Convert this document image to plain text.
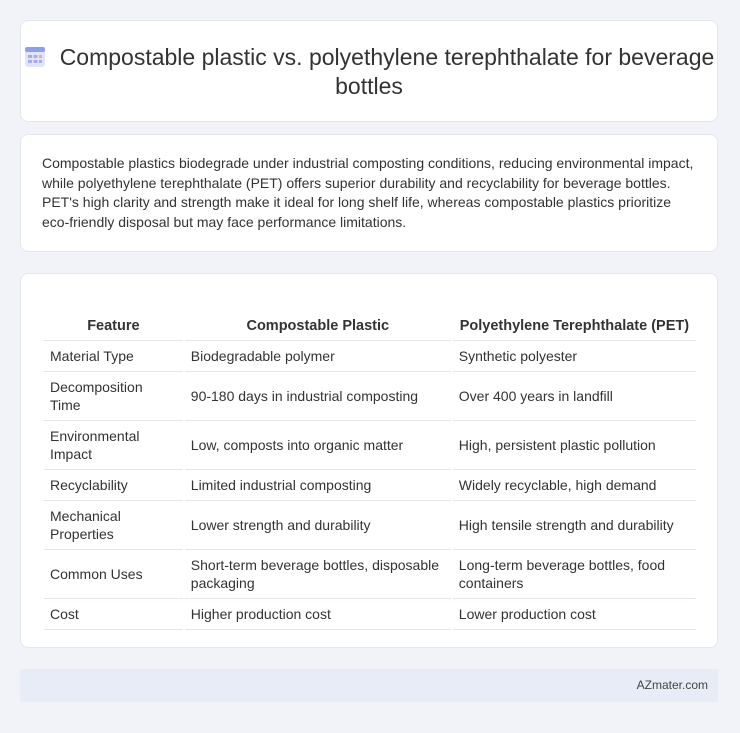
Compostable plastic vs. polyethylene terephthalate for beverage bottles
Compostable plastics biodegrade under industrial composting conditions, reducing environmental impact, while polyethylene terephthalate (PET) offers superior durability and recyclability for beverage bottles. PET's high clarity and strength make it ideal for long shelf life, whereas compostable plastics prioritize eco-friendly disposal but may face performance limitations.
Feature	Compostable Plastic	Polyethylene Terephthalate (PET)
Material Type	Biodegradable polymer	Synthetic polyester
Decomposition Time	90-180 days in industrial composting	Over 400 years in landfill
Environmental Impact	Low, composts into organic matter	High, persistent plastic pollution
Recyclability	Limited industrial composting	Widely recyclable, high demand
Mechanical Properties	Lower strength and durability	High tensile strength and durability
Common Uses	Short-term beverage bottles, disposable packaging	Long-term beverage bottles, food containers
Cost	Higher production cost	Lower production cost
AZmater.com
